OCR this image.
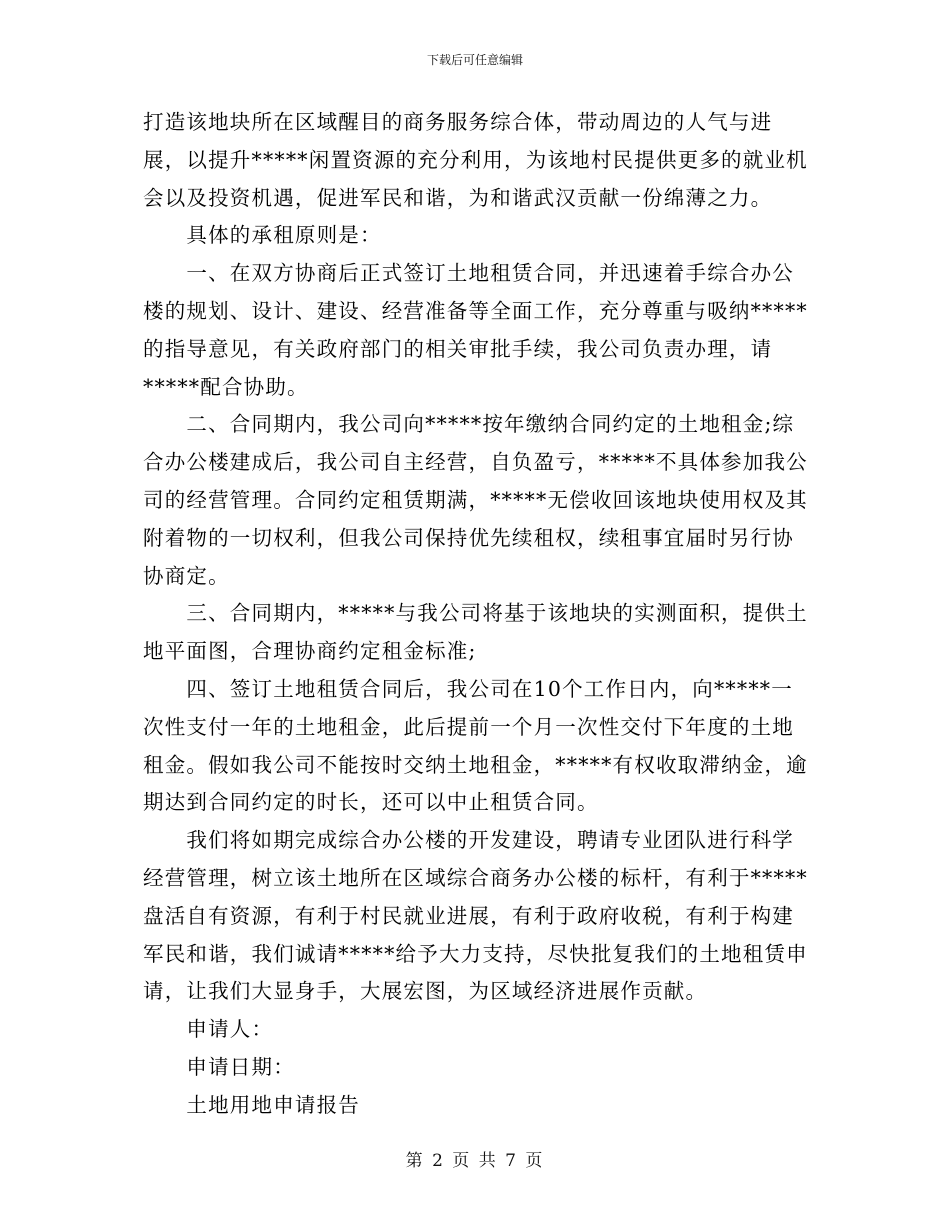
下载后可任意编辑

打造该地块所在区域醒目的商务服务综合体，带动周边的人气与进展，以提升*****闲置资源的充分利用，为该地村民提供更多的就业机会以及投资机遇，促进军民和谐，为和谐武汉贡献一份绵薄之力。

　　具体的承租原则是：

　　一、在双方协商后正式签订土地租赁合同，并迅速着手综合办公楼的规划、设计、建设、经营准备等全面工作，充分尊重与吸纳*****的指导意见，有关政府部门的相关审批手续，我公司负责办理，请*****配合协助。

　　二、合同期内，我公司向*****按年缴纳合同约定的土地租金;综合办公楼建成后，我公司自主经营，自负盈亏，*****不具体参加我公司的经营管理。合同约定租赁期满，*****无偿收回该地块使用权及其附着物的一切权利，但我公司保持优先续租权，续租事宜届时另行协协商定。

　　三、合同期内，*****与我公司将基于该地块的实测面积，提供土地平面图，合理协商约定租金标准;

　　四、签订土地租赁合同后，我公司在10个工作日内，向*****一次性支付一年的土地租金，此后提前一个月一次性交付下年度的土地租金。假如我公司不能按时交纳土地租金，*****有权收取滞纳金，逾期达到合同约定的时长，还可以中止租赁合同。

　　我们将如期完成综合办公楼的开发建设，聘请专业团队进行科学经营管理，树立该土地所在区域综合商务办公楼的标杆，有利于*****盘活自有资源，有利于村民就业进展，有利于政府收税，有利于构建军民和谐，我们诚请*****给予大力支持，尽快批复我们的土地租赁申请，让我们大显身手，大展宏图，为区域经济进展作贡献。

　　申请人：

　　申请日期：

　　土地用地申请报告

第 2 页 共 7 页
